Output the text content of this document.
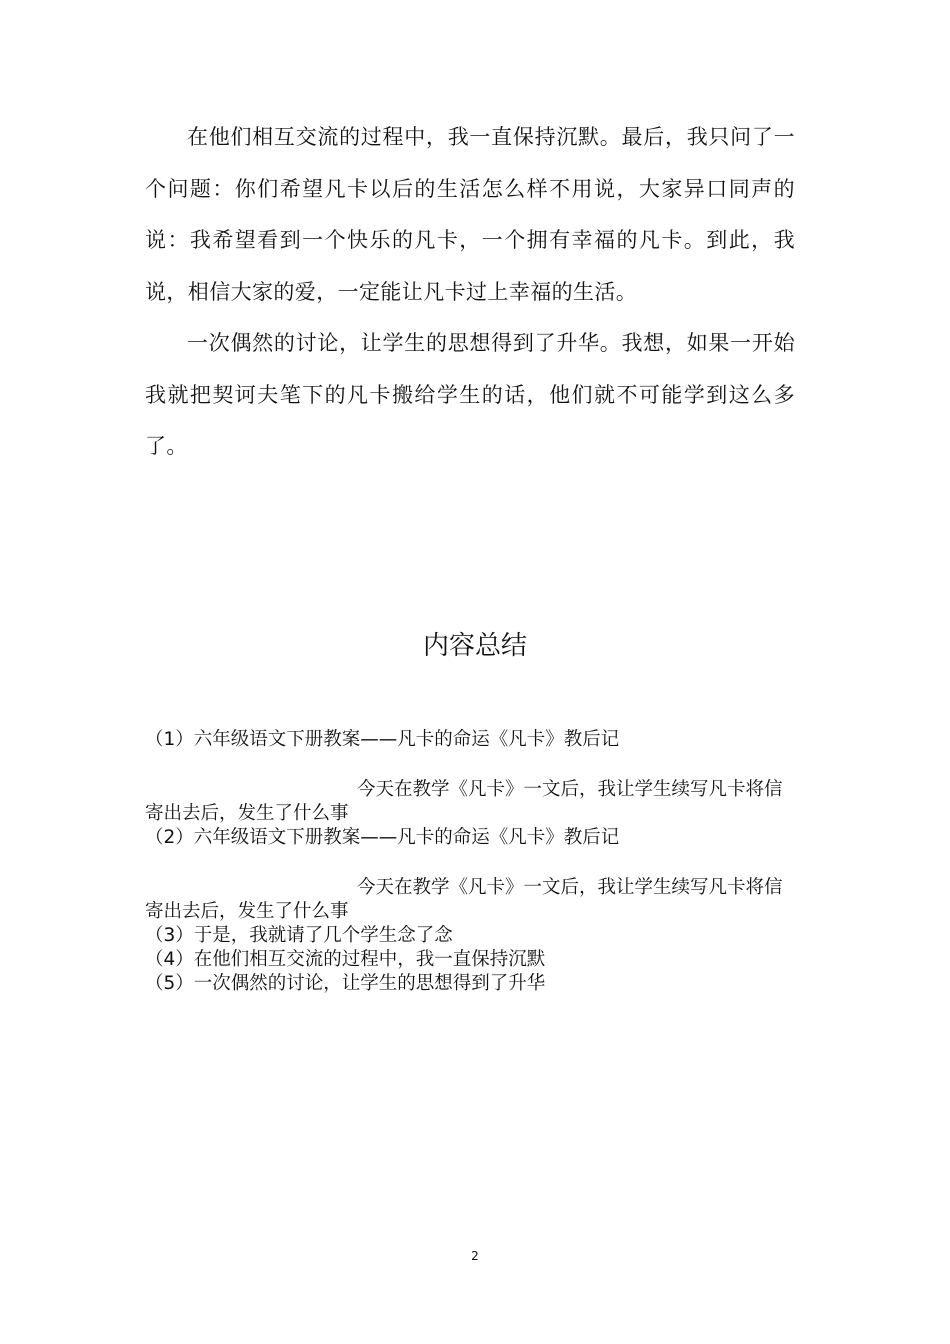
在他们相互交流的过程中，我一直保持沉默。最后，我只问了一个问题：你们希望凡卡以后的生活怎么样不用说，大家异口同声的说：我希望看到一个快乐的凡卡，一个拥有幸福的凡卡。到此，我说，相信大家的爱，一定能让凡卡过上幸福的生活。

一次偶然的讨论，让学生的思想得到了升华。我想，如果一开始我就把契诃夫笔下的凡卡搬给学生的话，他们就不可能学到这么多了。

内容总结

（1）六年级语文下册教案——凡卡的命运《凡卡》教后记

今天在教学《凡卡》一文后，我让学生续写凡卡将信寄出去后，发生了什么事

（2）六年级语文下册教案——凡卡的命运《凡卡》教后记

今天在教学《凡卡》一文后，我让学生续写凡卡将信寄出去后，发生了什么事

（3）于是，我就请了几个学生念了念

（4）在他们相互交流的过程中，我一直保持沉默

（5）一次偶然的讨论，让学生的思想得到了升华

2
